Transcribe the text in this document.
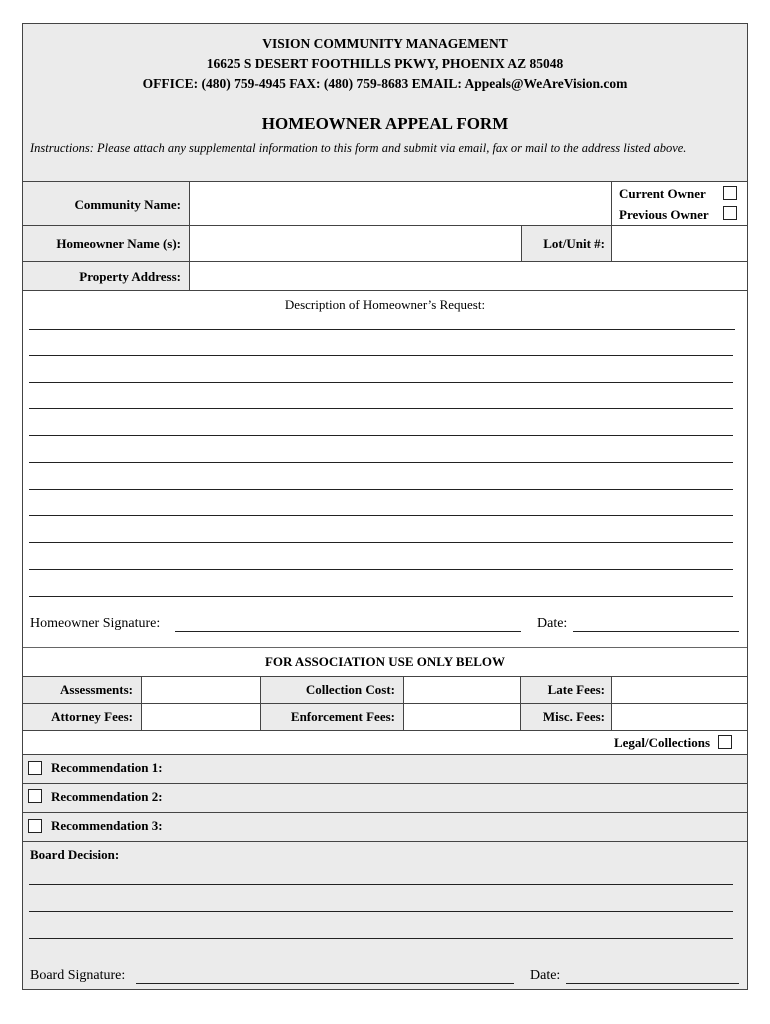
VISION COMMUNITY MANAGEMENT
16625 S DESERT FOOTHILLS PKWY, PHOENIX AZ 85048
OFFICE: (480) 759-4945 FAX: (480) 759-8683 EMAIL: Appeals@WeAreVision.com
HOMEOWNER APPEAL FORM
Instructions: Please attach any supplemental information to this form and submit via email, fax or mail to the address listed above.
Community Name:
Current Owner
Previous Owner
Homeowner Name (s):	Lot/Unit #:
Property Address:
Description of Homeowner’s Request:
Homeowner Signature:	Date:
FOR ASSOCIATION USE ONLY BELOW
Assessments:	Collection Cost:	Late Fees:
Attorney Fees:	Enforcement Fees:	Misc. Fees:
Legal/Collections
Recommendation 1:
Recommendation 2:
Recommendation 3:
Board Decision:
Board Signature:	Date:
